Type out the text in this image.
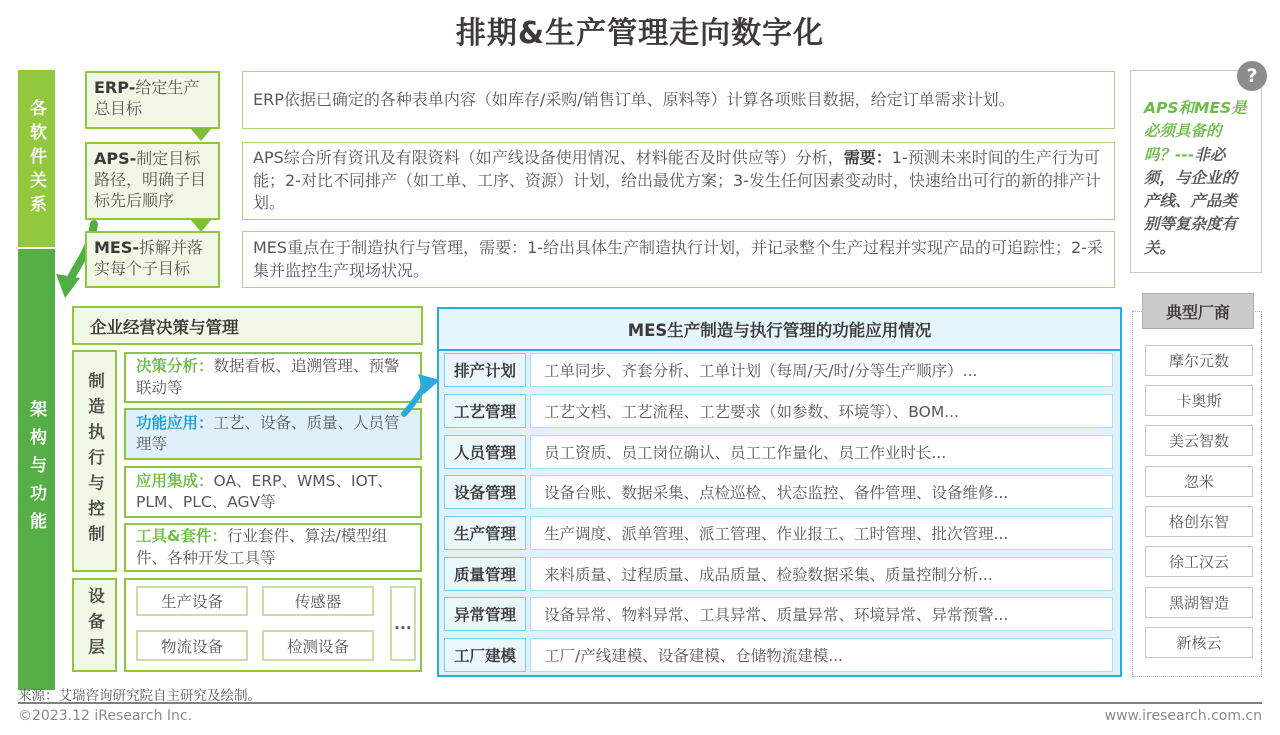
排期&生产管理走向数字化
各软件关系
架构与功能
ERP-给定生产总目标	ERP依据已确定的各种表单内容（如库存/采购/销售订单、原料等）计算各项账目数据，给定订单需求计划。
APS-制定目标路径，明确子目标先后顺序
APS综合所有资讯及有限资料（如产线设备使用情况、材料能否及时供应等）分析，需要：1-预测未来时间的生产行为可能；2-对比不同排产（如工单、工序、资源）计划，给出最优方案；3-发生任何因素变动时，快速给出可行的新的排产计划。
MES-拆解并落实每个子目标
MES重点在于制造执行与管理，需要：1-给出具体生产制造执行计划，并记录整个生产过程并实现产品的可追踪性；2-采集并监控生产现场状况。
APS和MES是必须具备的吗？---非必须，与企业的产线、产品类别等复杂度有关。
?
企业经营决策与管理
制造执行与控制
决策分析：数据看板、追溯管理、预警联动等
功能应用：工艺、设备、质量、人员管理等
应用集成：OA、ERP、WMS、IOT、PLM、PLC、AGV等
工具&套件：行业套件、算法/模型组件、各种开发工具等
设备层	生产设备	传感器
物流设备	检测设备
...
MES生产制造与执行管理的功能应用情况
排产计划	工单同步、齐套分析、工单计划（每周/天/时/分等生产顺序）...
工艺管理	工艺文档、工艺流程、工艺要求（如参数、环境等）、BOM...
人员管理	员工资质、员工岗位确认、员工工作量化、员工作业时长...
设备管理	设备台账、数据采集、点检巡检、状态监控、备件管理、设备维修...
生产管理	生产调度、派单管理、派工管理、作业报工、工时管理、批次管理...
质量管理	来料质量、过程质量、成品质量、检验数据采集、质量控制分析...
异常管理	设备异常、物料异常、工具异常、质量异常、环境异常、异常预警...
工厂建模	工厂/产线建模、设备建模、仓储物流建模...
典型厂商
摩尔元数
卡奥斯
美云智数
忽米
格创东智
徐工汉云
黑湖智造
新核云
来源：艾瑞咨询研究院自主研究及绘制。
©2023.12 iResearch Inc.	www.iresearch.com.cn
